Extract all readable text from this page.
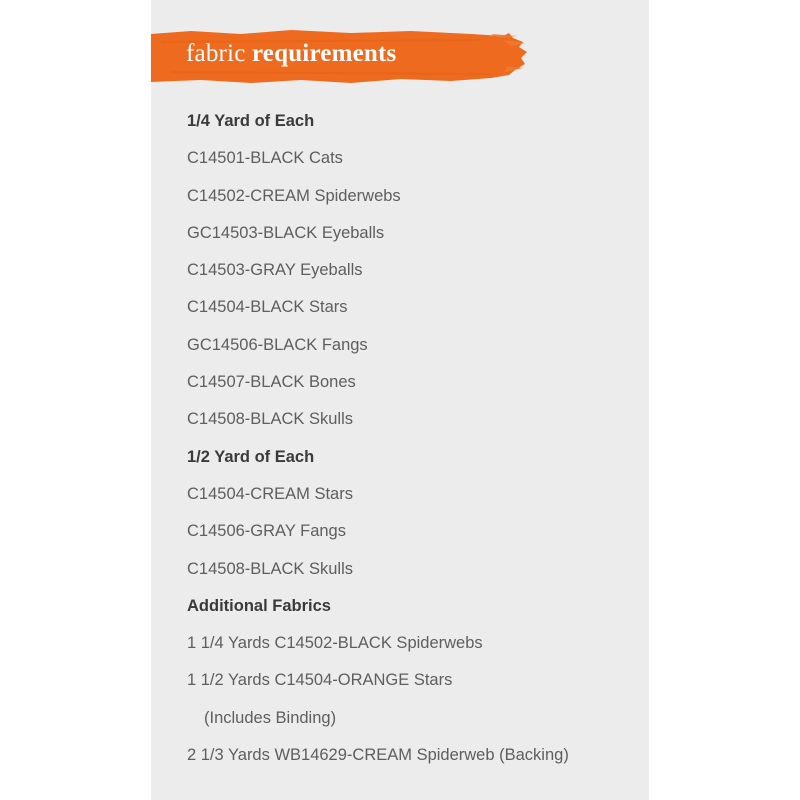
fabric requirements
1/4 Yard of Each
C14501-BLACK Cats
C14502-CREAM Spiderwebs
GC14503-BLACK Eyeballs
C14503-GRAY Eyeballs
C14504-BLACK Stars
GC14506-BLACK Fangs
C14507-BLACK Bones
C14508-BLACK Skulls
1/2 Yard of Each
C14504-CREAM Stars
C14506-GRAY Fangs
C14508-BLACK Skulls
Additional Fabrics
1 1/4 Yards C14502-BLACK Spiderwebs
1 1/2 Yards C14504-ORANGE Stars
(Includes Binding)
2 1/3 Yards WB14629-CREAM Spiderweb (Backing)
